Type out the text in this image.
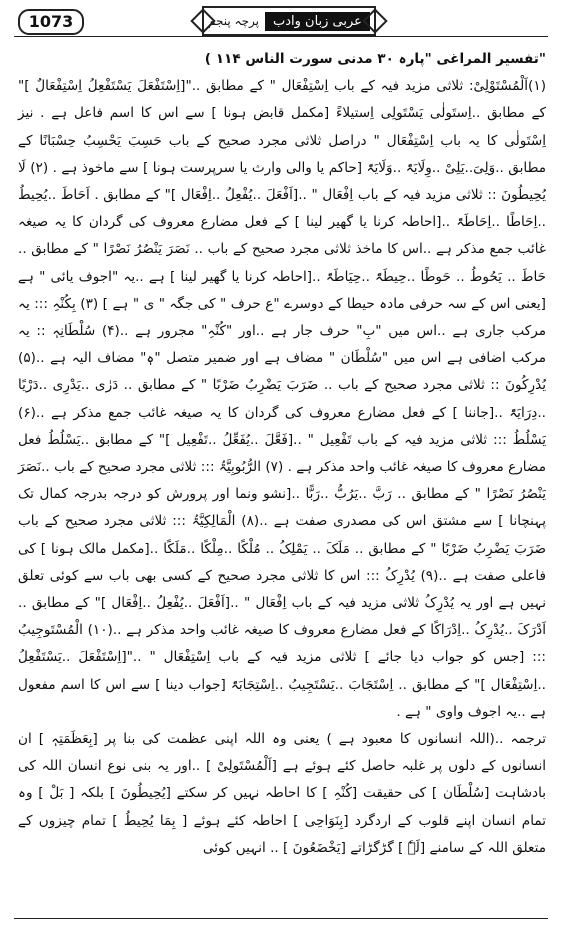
1073	پرچہ پنجم	عربی زبان وادب

"تفسیر المراغی "پارہ ۳۰ مدنی سورت الناس ۱۱۴ )

(۱)اَلْمُسْتَوْلِیْ: ثلاثی مزید فیہ کے باب اِسْتِفْعَال " کے مطابق .."[اِسْتَفْعَلَ یَسْتَفْعِلُ اِسْتِفْعَالٌ ]" کے مطابق ..اِستَولٰی یَسْتَولِی اِستیلاءً [مکمل قابض ہونا ] سے اس کا اسم فاعل ہے . نیز اِسْتَولٰی کا یہ باب اِسْتِفْعَال " دراصل ثلاثی مجرد صحیح کے باب حَسِبَ یَحْسِبُ حِسْبَانًا کے مطابق ..وَلِیَ..یَلِیْ ..وِلَایَۃً ..وَلَایَۃً [حاکم یا والی وارث یا سرپرست ہونا ] سے ماخوذ ہے . (۲) لَا یُحِیطُونَ :: ثلاثی مزید فیہ کے باب اِفْعَال " ..[اَفْعَلَ ..یُفْعِلُ ..اِفْعَال ]" کے مطابق . اَحَاطَ ..یُحِیطُ ..اِحَاطًا ..اِحَاطَۃً ..[احاطہ کرنا یا گھیر لینا ] کے فعل مضارع معروف کی گردان کا یہ صیغہ غائب جمع مذکر ہے ..اس کا ماخذ ثلاثی مجرد صحیح کے باب .. نَصَرَ یَنْصُرُ نَصْرًا " کے مطابق .. حَاطَ .. یَحُوطُ .. حَوطًا ..حِیطَۃً ..حِیَاطَۃً ..[احاطہ کرنا یا گھیر لینا ] ہے ..یہ "اجوف یائی " ہے [یعنی اس کے سہ حرفی مادہ حیطا کے دوسرے "ع حرف " کی جگہ " ی " ہے ] (۳) بِکُنْہِ ::: یہ مرکب جاری ہے ..اس میں "بِ" حرف جار ہے ..اور "کُنْہِ" مجرور ہے ..(۴) سُلْطَانِہٖ :: یہ مرکب اضافی ہے اس میں "سُلْطَان " مضاف ہے اور ضمیر متصل "ہٖ" مضاف الیہ ہے ..(۵) یُدْرِکُونَ :: ثلاثی مجرد صحیح کے باب .. ضَرَبَ یَضْرِبُ ضَرْبًا " کے مطابق .. دَرٰی ..یَدْرِی ..دَرْیًا ..دِرَایَۃً ..[جاننا ] کے فعل مضارع معروف کی گردان کا یہ صیغہ غائب جمع مذکر ہے ..(۶) یَسْلُطُ ::: ثلاثی مزید فیہ کے باب تَفْعِیل " ..[فَعَّلَ ..یُفَعِّلُ ..تَفْعِیل ]" کے مطابق ..یَسْلُطُ فعل مضارع معروف کا صیغہ غائب واحد مذکر ہے . (۷) الرُّبُوبِیَّۃُ ::: ثلاثی مجرد صحیح کے باب ..نَصَرَ یَنْصُرُ نَصْرًا " کے مطابق .. رَبَّ ..یَرُبُّ ..رَبًّا ..[نشو ونما اور پرورش کو درجہ بدرجہ کمال تک پہنچانا ] سے مشتق اس کی مصدری صفت ہے ..(۸) الْمَالِکِیَّۃُ ::: ثلاثی مجرد صحیح کے باب ضَرَبَ یَضْرِبُ ضَرْبًا " کے مطابق .. مَلَکَ .. یَمْلِکُ .. مُلْکًا ..مِلْکًا ..مَلَکًا ..[مکمل مالک ہونا ] کی فاعلی صفت ہے ..(۹) یُدْرِکُ ::: اس کا ثلاثی مجرد صحیح کے کسی بھی باب سے کوئی تعلق نہیں ہے اور یہ یُدْرِکُ ثلاثی مزید فیہ کے باب اِفْعَال " ..[اَفْعَلَ ..یُفْعِلُ ..اِفْعَال ]" کے مطابق .. اَدْرَکَ ..یُدْرِکُ ..اِدْرَاکًا کے فعل مضارع معروف کا صیغہ غائب واحد مذکر ہے ..(۱۰) الْمُسْتَوجِیبُ ::: [جس کو جواب دیا جائے ] ثلاثی مزید فیہ کے باب اِسْتِفْعَال " .."[اِسْتَفْعَلَ ..یَسْتَفْعِلُ ..اِسْتِفْعَال ]" کے مطابق .. اِسْتَجَابَ ..یَسْتَجِیبُ ..اِسْتِجَابَۃً [جواب دینا ] سے اس کا اسم مفعول ہے ..یہ اجوف واوی " ہے .

ترجمہ ..(اللہ انسانوں کا معبود ہے ) یعنی وہ اللہ اپنی عظمت کی بنا پر [بِعَظَمَتِہٖ ] ان انسانوں کے دلوں پر غلبہ حاصل کئے ہوئے ہے [اَلْمُسْتَولِیْ ] ..اور یہ بنی نوع انسان اللہ کی بادشاہت [سُلْطَان ] کی حقیقت [کُنْہِ ] کا احاطہ نہیں کر سکتے [یُحِیطُونَ ] بلکہ [ بَلْ ] وہ تمام انسان اپنے قلوب کے اردگرد [بِنَوَاحِی ] احاطہ کئے ہوئے [ بِمَا یُحِیطُ ] تمام چیزوں کے متعلق اللہ کے سامنے [لَہٗ ] گڑگڑاتے [یَخْضَعُونَ ] .. انہیں کوئی
